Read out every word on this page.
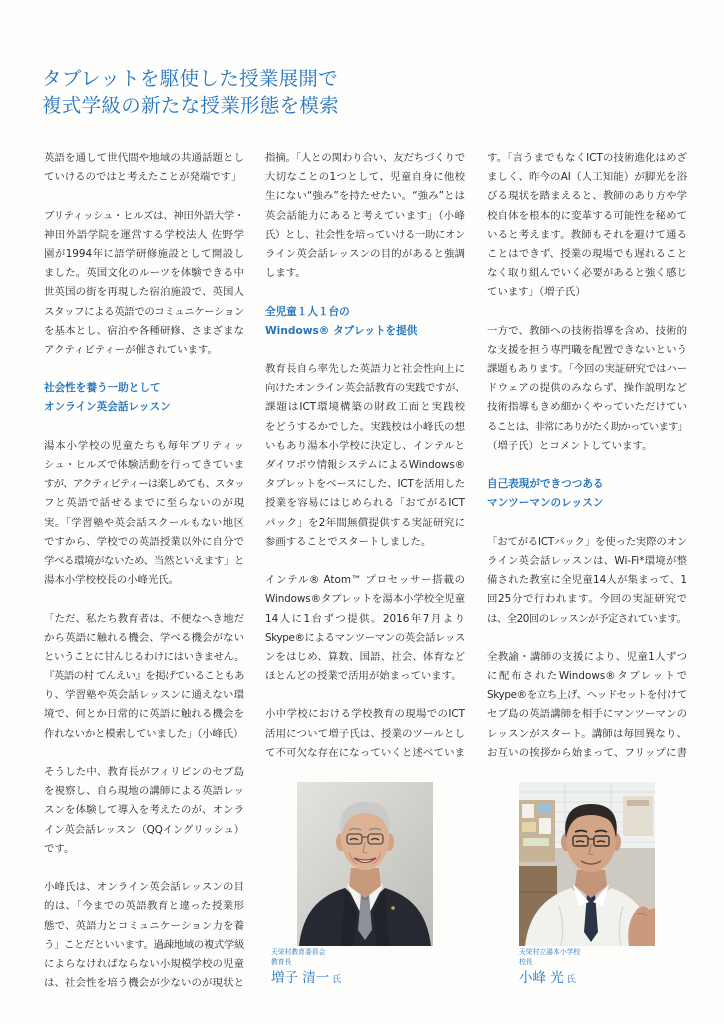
タブレットを駆使した授業展開で
複式学級の新たな授業形態を模索
英語を通して世代間や地域の共通話題とし
ていけるのではと考えたことが発端です」
ブリティッシュ・ヒルズは、神田外語大学・
神田外語学院を運営する学校法人 佐野学
園が1994年に語学研修施設として開設し
ました。英国文化のルーツを体験できる中
世英国の街を再現した宿泊施設で、英国人
スタッフによる英語でのコミュニケーション
を基本とし、宿泊や各種研修、さまざまな
アクティビティーが催されています。
社会性を養う一助として
オンライン英会話レッスン
湯本小学校の児童たちも毎年ブリティッ
シュ・ヒルズで体験活動を行ってきていま
すが、アクティビティーは楽しめても、スタッ
フと英語で話せるまでに至らないのが現
実。「学習塾や英会話スクールもない地区
ですから、学校での英語授業以外に自分で
学べる環境がないため、当然といえます」と
湯本小学校校長の小峰光氏。
「ただ、私たち教育者は、不便なへき地だ
から英語に触れる機会、学べる機会がない
ということに甘んじるわけにはいきません。
『英語の村 てんえい』を掲げていることもあ
り、学習塾や英会話レッスンに通えない環
境で、何とか日常的に英語に触れる機会を
作れないかと模索していました」（小峰氏）
そうした中、教育長がフィリピンのセブ島
を視察し、自ら現地の講師による英語レッ
スンを体験して導入を考えたのが、オンラ
イン英会話レッスン（QQイングリッシュ）
です。
小峰氏は、オンライン英会話レッスンの目
的は、「今までの英語教育と違った授業形
態で、英語力とコミュニケーション力を養
う」ことだといいます。過疎地域の複式学級
によらなければならない小規模学校の児童
は、社会性を培う機会が少ないのが現状と
指摘。「人との関わり合い、友だちづくりで
大切なことの1つとして、児童自身に他校
生にない“強み”を持たせたい。“強み”とは
英会話能力にあると考えています」（小峰
氏）とし、社会性を培っていける一助にオン
ライン英会話レッスンの目的があると強調
します。
全児童１人１台の
Windows® タブレットを提供
教育長自ら率先した英語力と社会性向上に
向けたオンライン英会話教育の実践ですが、
課題はICT環境構築の財政工面と実践校
をどうするかでした。実践校は小峰氏の想
いもあり湯本小学校に決定し、インテルと
ダイワボウ情報システムによるWindows®
タブレットをベースにした、ICTを活用した
授業を容易にはじめられる「おてがるICT
パック」を2年間無償提供する実証研究に
参画することでスタートしました。
インテル® Atom™ プロセッサー搭載の
Windows®タブレットを湯本小学校全児童
14人に1台ずつ提供。2016年7月より
Skype®によるマンツーマンの英会話レッス
ンをはじめ、算数、国語、社会、体育など
ほとんどの授業で活用が始まっています。
小中学校における学校教育の現場でのICT
活用について増子氏は、授業のツールとし
て不可欠な存在になっていくと述べていま
す。「言うまでもなくICTの技術進化はめざ
ましく、昨今のAI（人工知能）が脚光を浴
びる現状を踏まえると、教師のあり方や学
校自体を根本的に変革する可能性を秘めて
いると考えます。教師もそれを避けて通る
ことはできず、授業の現場でも遅れること
なく取り組んでいく必要があると強く感じ
ています」（増子氏）
一方で、教師への技術指導を含め、技術的
な支援を担う専門職を配置できないという
課題もあります。「今回の実証研究ではハー
ドウェアの提供のみならず、操作説明など
技術指導もきめ細かくやっていただけてい
ることは、非常にありがたく助かっています」
（増子氏）とコメントしています。
自己表現ができつつある
マンツーマンのレッスン
「おてがるICTパック」を使った実際のオン
ライン英会話レッスンは、Wi-Fi*環境が整
備された教室に全児童14人が集まって、1
回25分で行われます。今回の実証研究で
は、全20回のレッスンが予定されています。
全教諭・講師の支援により、児童1人ずつ
に配布されたWindows®タブレットで
Skype®を立ち上げ、ヘッドセットを付けて
セブ島の英語講師を相手にマンツーマンの
レッスンがスタート。講師は毎回異なり、
お互いの挨拶から始まって、フリップに書
天栄村教育委員会
教育長
増子 清一 氏
天栄村立湯本小学校
校長
小峰 光 氏
